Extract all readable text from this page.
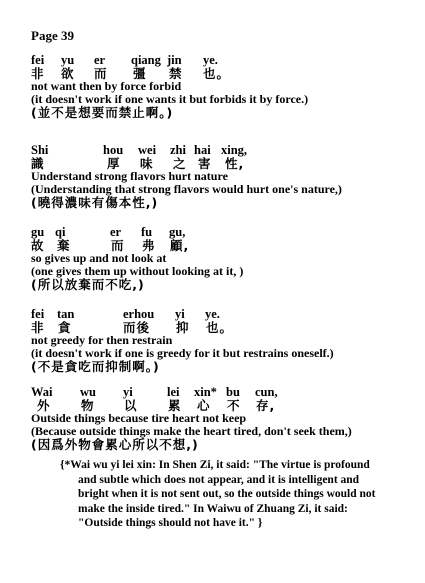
Page 39
fei yu er qiang jin ye.
非 欲 而 彊 禁 也。
not want then by force forbid
(it doesn't work if one wants it but forbids it by force.)
(並不是想要而禁止啊。)
Shi	hou wei zhi hai xing,
識	厚 味 之 害 性,
Understand strong flavors hurt nature
(Understanding that strong flavors would hurt one's nature,)
(曉得濃味有傷本性,)
gu qi	er fu gu,
故 棄	而 弗 顧,
so gives up and not look at
(one gives them up without looking at it, )
(所以放棄而不吃,)
fei tan	erhou yi ye.
非 貪	而後 抑 也。
not greedy for then restrain
(it doesn't work if one is greedy for it but restrains oneself.)
(不是貪吃而抑制啊。)
Wai wu yi	lei xin* bu cun,
外 物 以 累 心 不 存,
Outside things because tire heart not keep
(Because outside things make the heart tired, don't seek them,)
(因爲外物會累心所以不想,)
{*Wai wu yi lei xin: In Shen Zi, it said: "The virtue is profound
and subtle which does not appear, and it is intelligent and
bright when it is not sent out, so the outside things would not
make the inside tired." In Waiwu of Zhuang Zi, it said:
"Outside things should not have it." }
